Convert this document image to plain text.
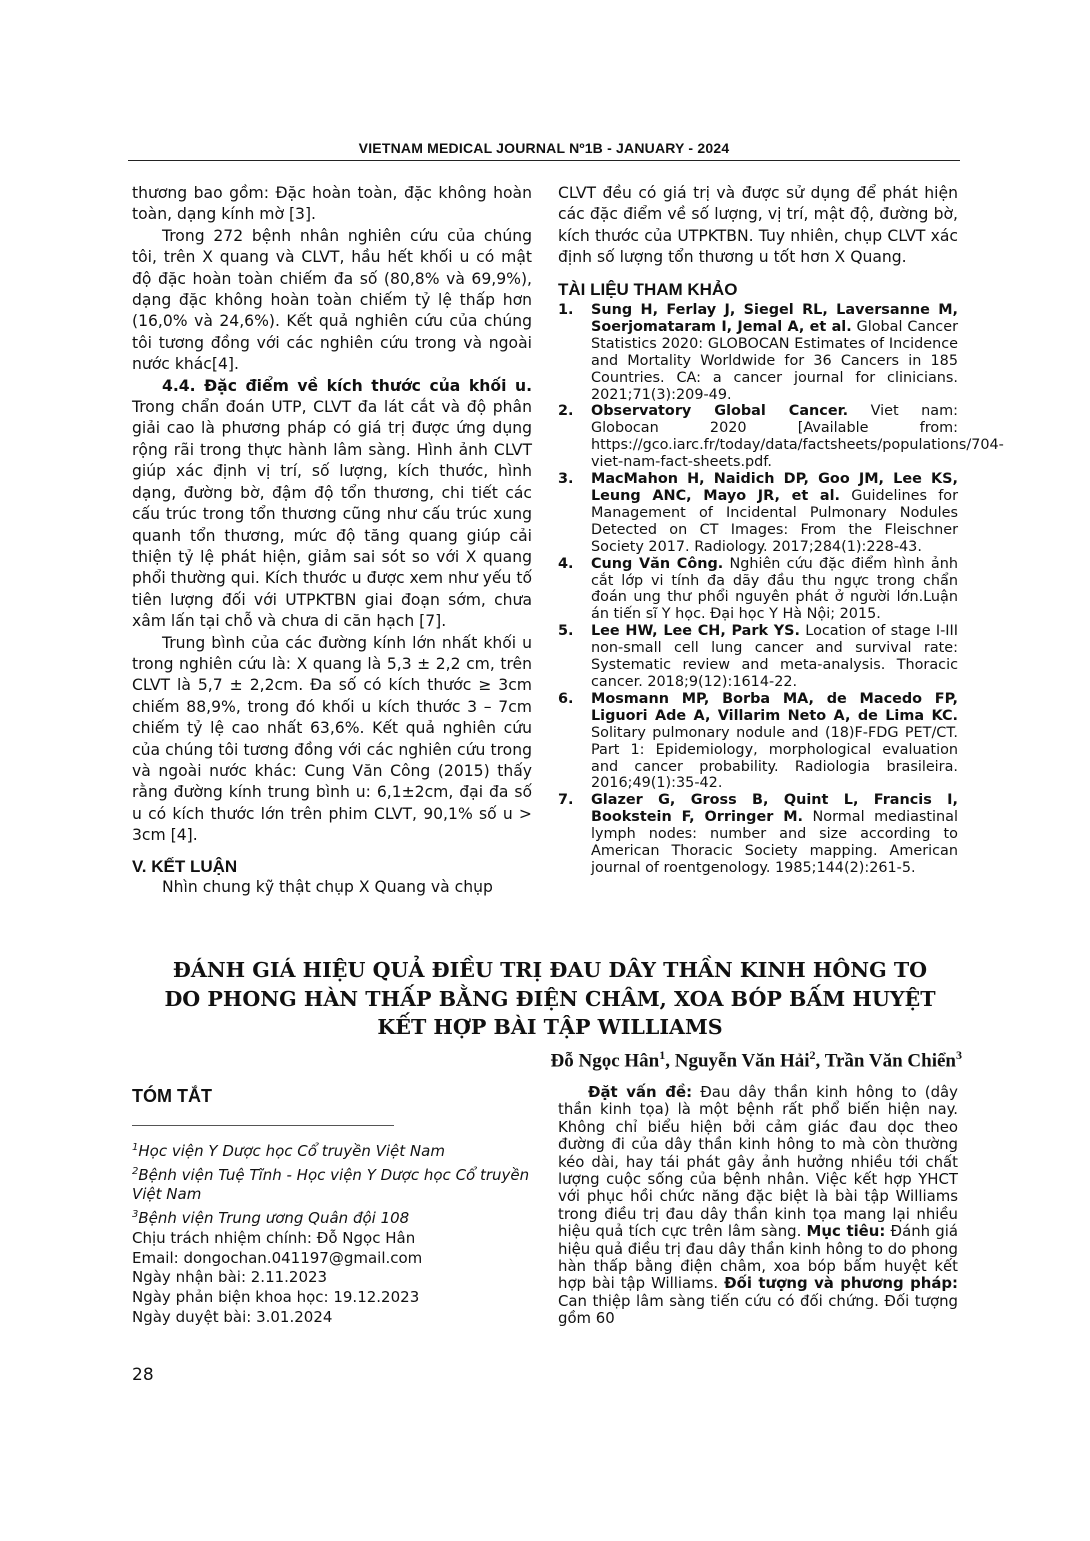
VIETNAM MEDICAL JOURNAL Nº1B - JANUARY - 2024

thương bao gồm: Đặc hoàn toàn, đặc không hoàn toàn, dạng kính mờ [3].

Trong 272 bệnh nhân nghiên cứu của chúng tôi, trên X quang và CLVT, hầu hết khối u có mật độ đặc hoàn toàn chiếm đa số (80,8% và 69,9%), dạng đặc không hoàn toàn chiếm tỷ lệ thấp hơn (16,0% và 24,6%). Kết quả nghiên cứu của chúng tôi tương đồng với các nghiên cứu trong và ngoài nước khác[4].

4.4. Đặc điểm về kích thước của khối u. Trong chẩn đoán UTP, CLVT đa lát cắt và độ phân giải cao là phương pháp có giá trị được ứng dụng rộng rãi trong thực hành lâm sàng. Hình ảnh CLVT giúp xác định vị trí, số lượng, kích thước, hình dạng, đường bờ, đậm độ tổn thương, chi tiết các cấu trúc trong tổn thương cũng như cấu trúc xung quanh tổn thương, mức độ tăng quang giúp cải thiện tỷ lệ phát hiện, giảm sai sót so với X quang phổi thường qui. Kích thước u được xem như yếu tố tiên lượng đối với UTPKTBN giai đoạn sớm, chưa xâm lấn tại chỗ và chưa di căn hạch [7].

Trung bình của các đường kính lớn nhất khối u trong nghiên cứu là: X quang là 5,3 ± 2,2 cm, trên CLVT là 5,7 ± 2,2cm. Đa số có kích thước ≥ 3cm chiếm 88,9%, trong đó khối u kích thước 3 – 7cm chiếm tỷ lệ cao nhất 63,6%. Kết quả nghiên cứu của chúng tôi tương đồng với các nghiên cứu trong và ngoài nước khác: Cung Văn Công (2015) thấy rằng đường kính trung bình u: 6,1±2cm, đại đa số u có kích thước lớn trên phim CLVT, 90,1% số u > 3cm [4].

V. KẾT LUẬN

Nhìn chung kỹ thật chụp X Quang và chụp

CLVT đều có giá trị và được sử dụng để phát hiện các đặc điểm về số lượng, vị trí, mật độ, đường bờ, kích thước của UTPKTBN. Tuy nhiên, chụp CLVT xác định số lượng tổn thương u tốt hơn X Quang.

TÀI LIỆU THAM KHẢO

1. Sung H, Ferlay J, Siegel RL, Laversanne M, Soerjomataram I, Jemal A, et al. Global Cancer Statistics 2020: GLOBOCAN Estimates of Incidence and Mortality Worldwide for 36 Cancers in 185 Countries. CA: a cancer journal for clinicians. 2021;71(3):209-49.
2. Observatory Global Cancer. Viet nam: Globocan 2020 [Available from: https://gco.iarc.fr/today/data/factsheets/populations/704-viet-nam-fact-sheets.pdf.
3. MacMahon H, Naidich DP, Goo JM, Lee KS, Leung ANC, Mayo JR, et al. Guidelines for Management of Incidental Pulmonary Nodules Detected on CT Images: From the Fleischner Society 2017. Radiology. 2017;284(1):228-43.
4. Cung Văn Công. Nghiên cứu đặc điểm hình ảnh cắt lớp vi tính đa dãy đầu thu ngực trong chẩn đoán ung thư phổi nguyên phát ở người lớn.Luận án tiến sĩ Y học. Đại học Y Hà Nội; 2015.
5. Lee HW, Lee CH, Park YS. Location of stage I-III non-small cell lung cancer and survival rate: Systematic review and meta-analysis. Thoracic cancer. 2018;9(12):1614-22.
6. Mosmann MP, Borba MA, de Macedo FP, Liguori Ade A, Villarim Neto A, de Lima KC. Solitary pulmonary nodule and (18)F-FDG PET/CT. Part 1: Epidemiology, morphological evaluation and cancer probability. Radiologia brasileira. 2016;49(1):35-42.
7. Glazer G, Gross B, Quint L, Francis I, Bookstein F, Orringer M. Normal mediastinal lymph nodes: number and size according to American Thoracic Society mapping. American journal of roentgenology. 1985;144(2):261-5.
ĐÁNH GIÁ HIỆU QUẢ ĐIỀU TRỊ ĐAU DÂY THẦN KINH HÔNG TO
DO PHONG HÀN THẤP BẰNG ĐIỆN CHÂM, XOA BÓP BẤM HUYỆT
KẾT HỢP BÀI TẬP WILLIAMS
Đỗ Ngọc Hân$^1$, Nguyễn Văn Hải$^2$, Trần Văn Chiển$^3$
TÓM TẮT
$^1$Học viện Y Dược học Cổ truyền Việt Nam
$^2$Bệnh viện Tuệ Tĩnh - Học viện Y Dược học Cổ truyền Việt Nam
$^3$Bệnh viện Trung ương Quân đội 108
Chịu trách nhiệm chính: Đỗ Ngọc Hân
Email: dongochan.041197@gmail.com
Ngày nhận bài: 2.11.2023
Ngày phản biện khoa học: 19.12.2023
Ngày duyệt bài: 3.01.2024
Đặt vấn đề: Đau dây thần kinh hông to (dây thần kinh tọa) là một bệnh rất phổ biến hiện nay. Không chỉ biểu hiện bởi cảm giác đau dọc theo đường đi của dây thần kinh hông to mà còn thường kéo dài, hay tái phát gây ảnh hưởng nhiều tới chất lượng cuộc sống của bệnh nhân. Việc kết hợp YHCT với phục hồi chức năng đặc biệt là bài tập Williams trong điều trị đau dây thần kinh tọa mang lại nhiều hiệu quả tích cực trên lâm sàng. Mục tiêu: Đánh giá hiệu quả điều trị đau dây thần kinh hông to do phong hàn thấp bằng điện châm, xoa bóp bấm huyệt kết hợp bài tập Williams. Đối tượng và phương pháp: Can thiệp lâm sàng tiến cứu có đối chứng. Đối tượng gồm 60
28
